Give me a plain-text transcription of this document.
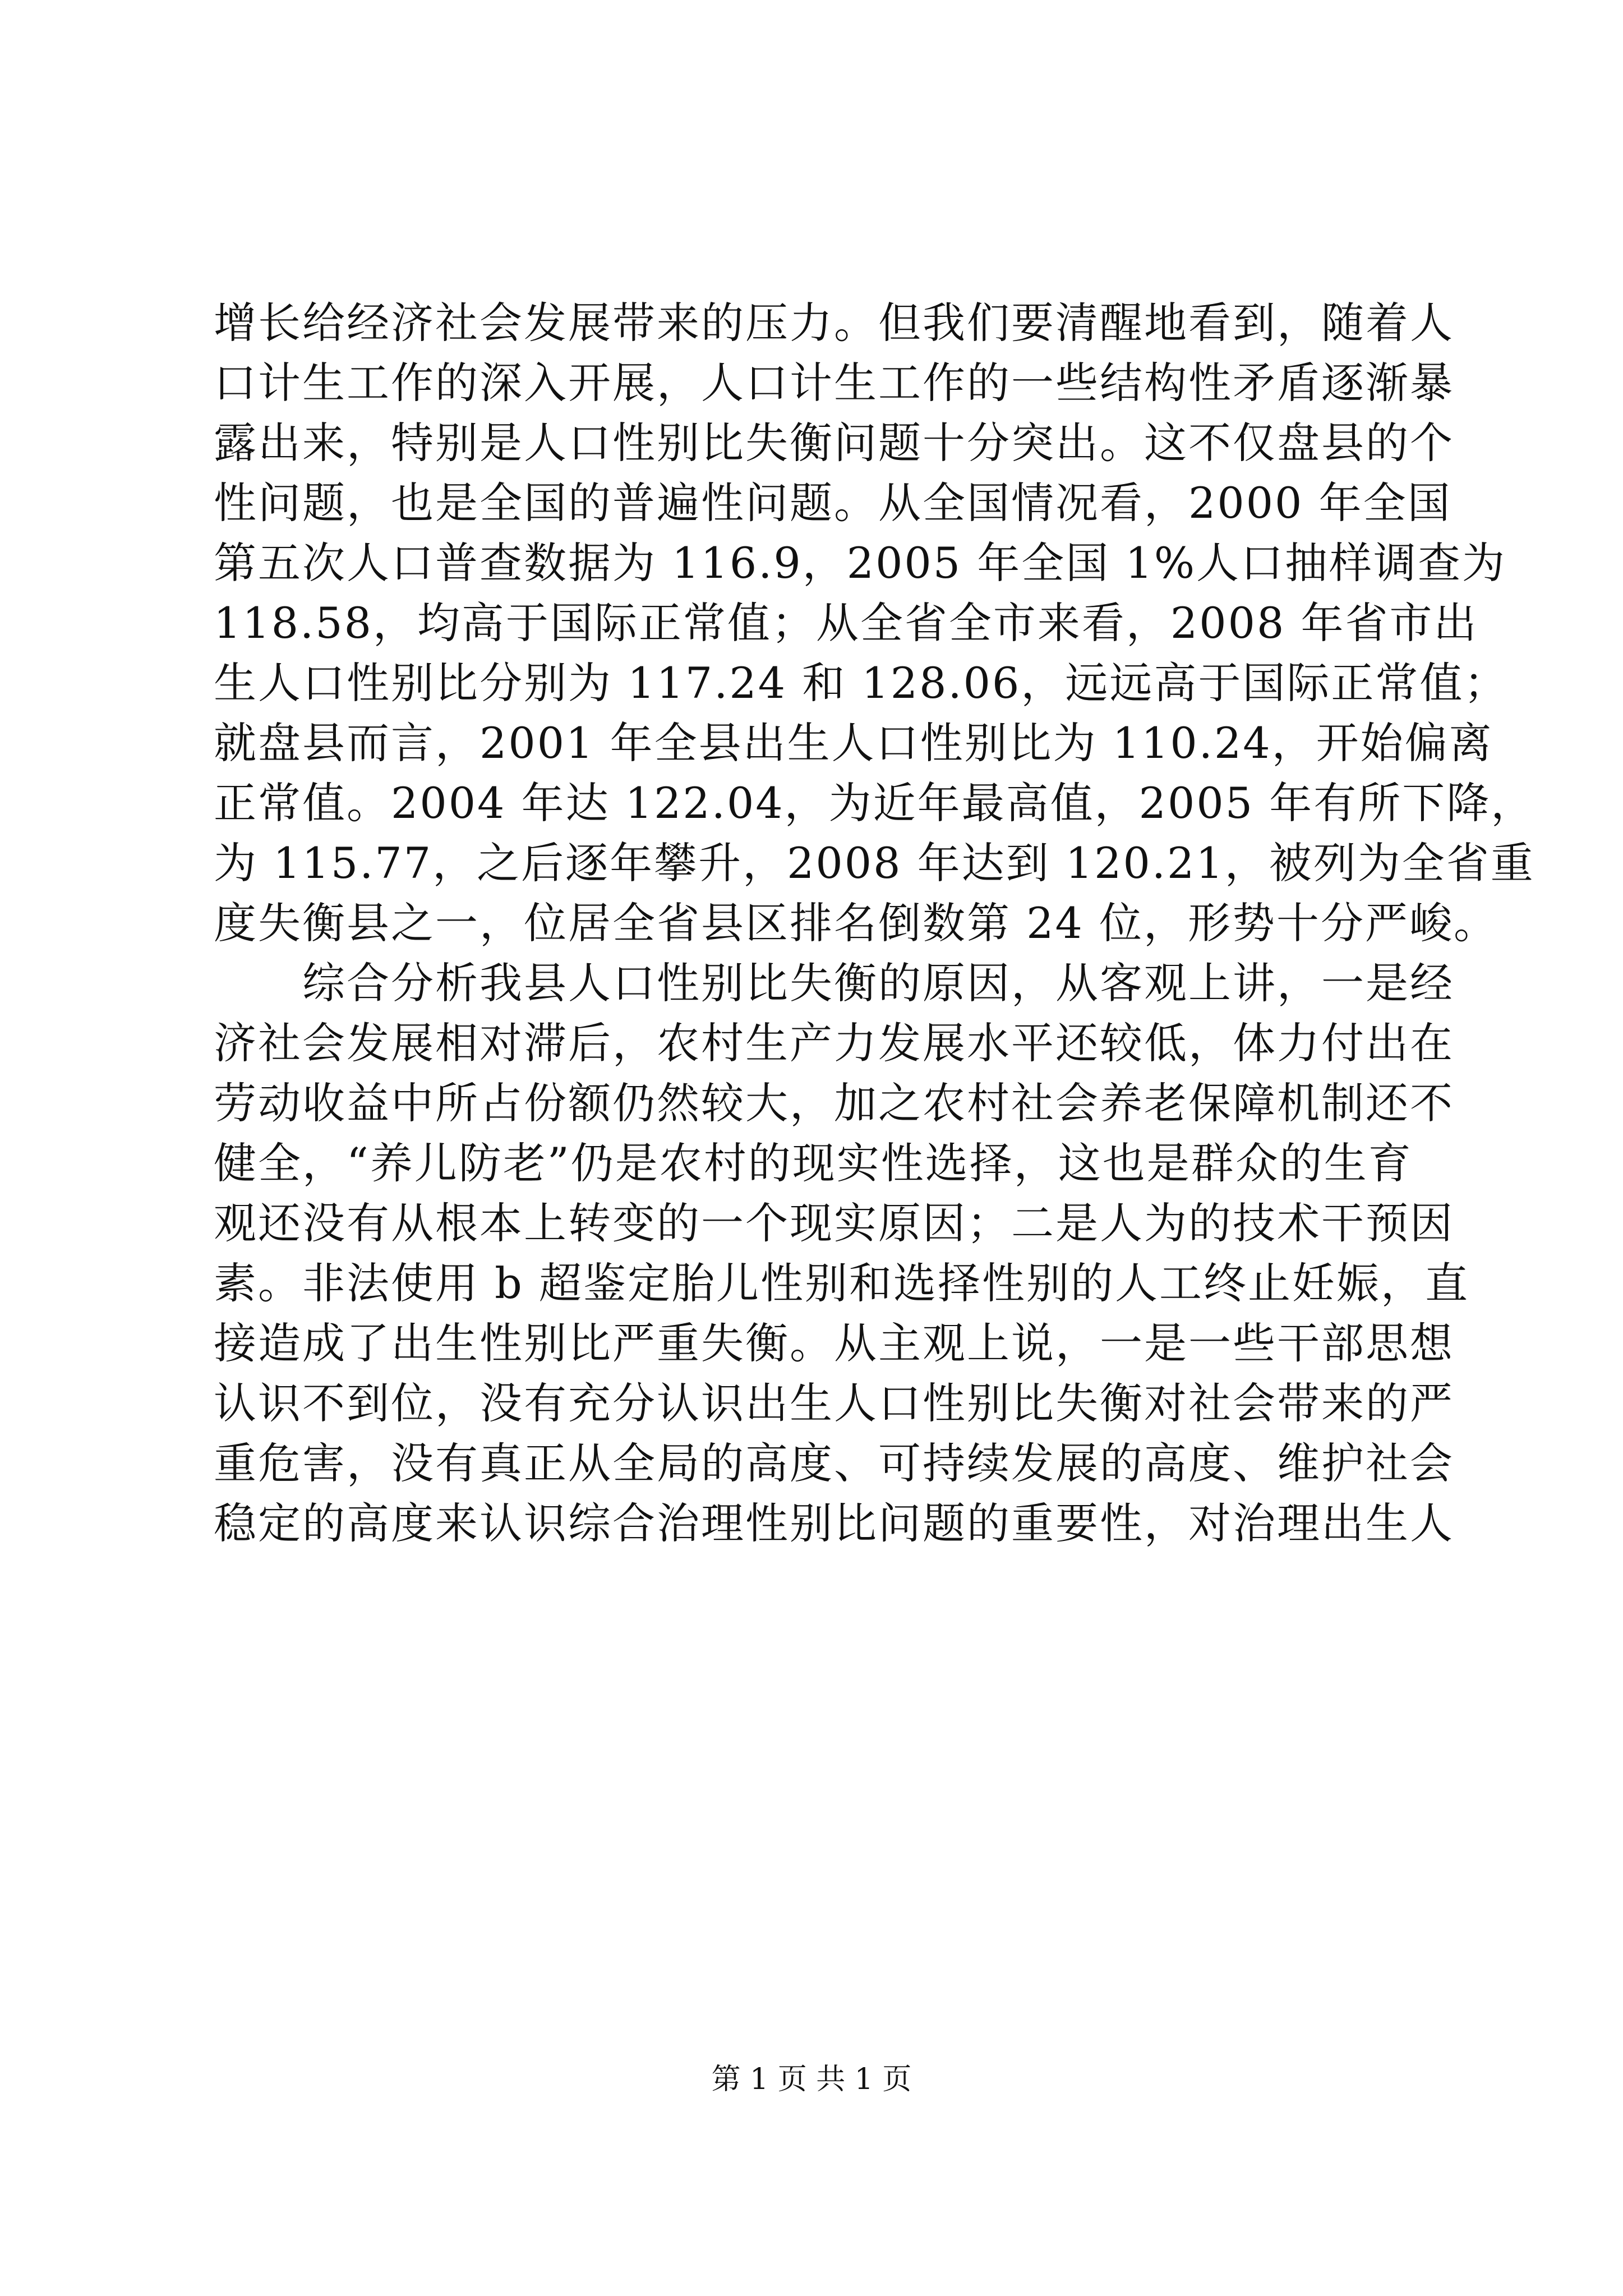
增长给经济社会发展带来的压力。但我们要清醒地看到，随着人
口计生工作的深入开展，人口计生工作的一些结构性矛盾逐渐暴
露出来，特别是人口性别比失衡问题十分突出。这不仅盘县的个
性问题，也是全国的普遍性问题。从全国情况看，2000 年全国
第五次人口普查数据为 116.9，2005 年全国 1%人口抽样调查为
118.58，均高于国际正常值；从全省全市来看，2008 年省市出
生人口性别比分别为 117.24 和 128.06，远远高于国际正常值；
就盘县而言，2001 年全县出生人口性别比为 110.24，开始偏离
正常值。2004 年达 122.04，为近年最高值，2005 年有所下降，
为 115.77，之后逐年攀升，2008 年达到 120.21，被列为全省重
度失衡县之一，位居全省县区排名倒数第 24 位，形势十分严峻。
　　综合分析我县人口性别比失衡的原因，从客观上讲，一是经
济社会发展相对滞后，农村生产力发展水平还较低，体力付出在
劳动收益中所占份额仍然较大，加之农村社会养老保障机制还不
健全，“养儿防老”仍是农村的现实性选择，这也是群众的生育
观还没有从根本上转变的一个现实原因；二是人为的技术干预因
素。非法使用 b 超鉴定胎儿性别和选择性别的人工终止妊娠，直
接造成了出生性别比严重失衡。从主观上说，一是一些干部思想
认识不到位，没有充分认识出生人口性别比失衡对社会带来的严
重危害，没有真正从全局的高度、可持续发展的高度、维护社会
稳定的高度来认识综合治理性别比问题的重要性，对治理出生人
第 1 页 共 1 页
